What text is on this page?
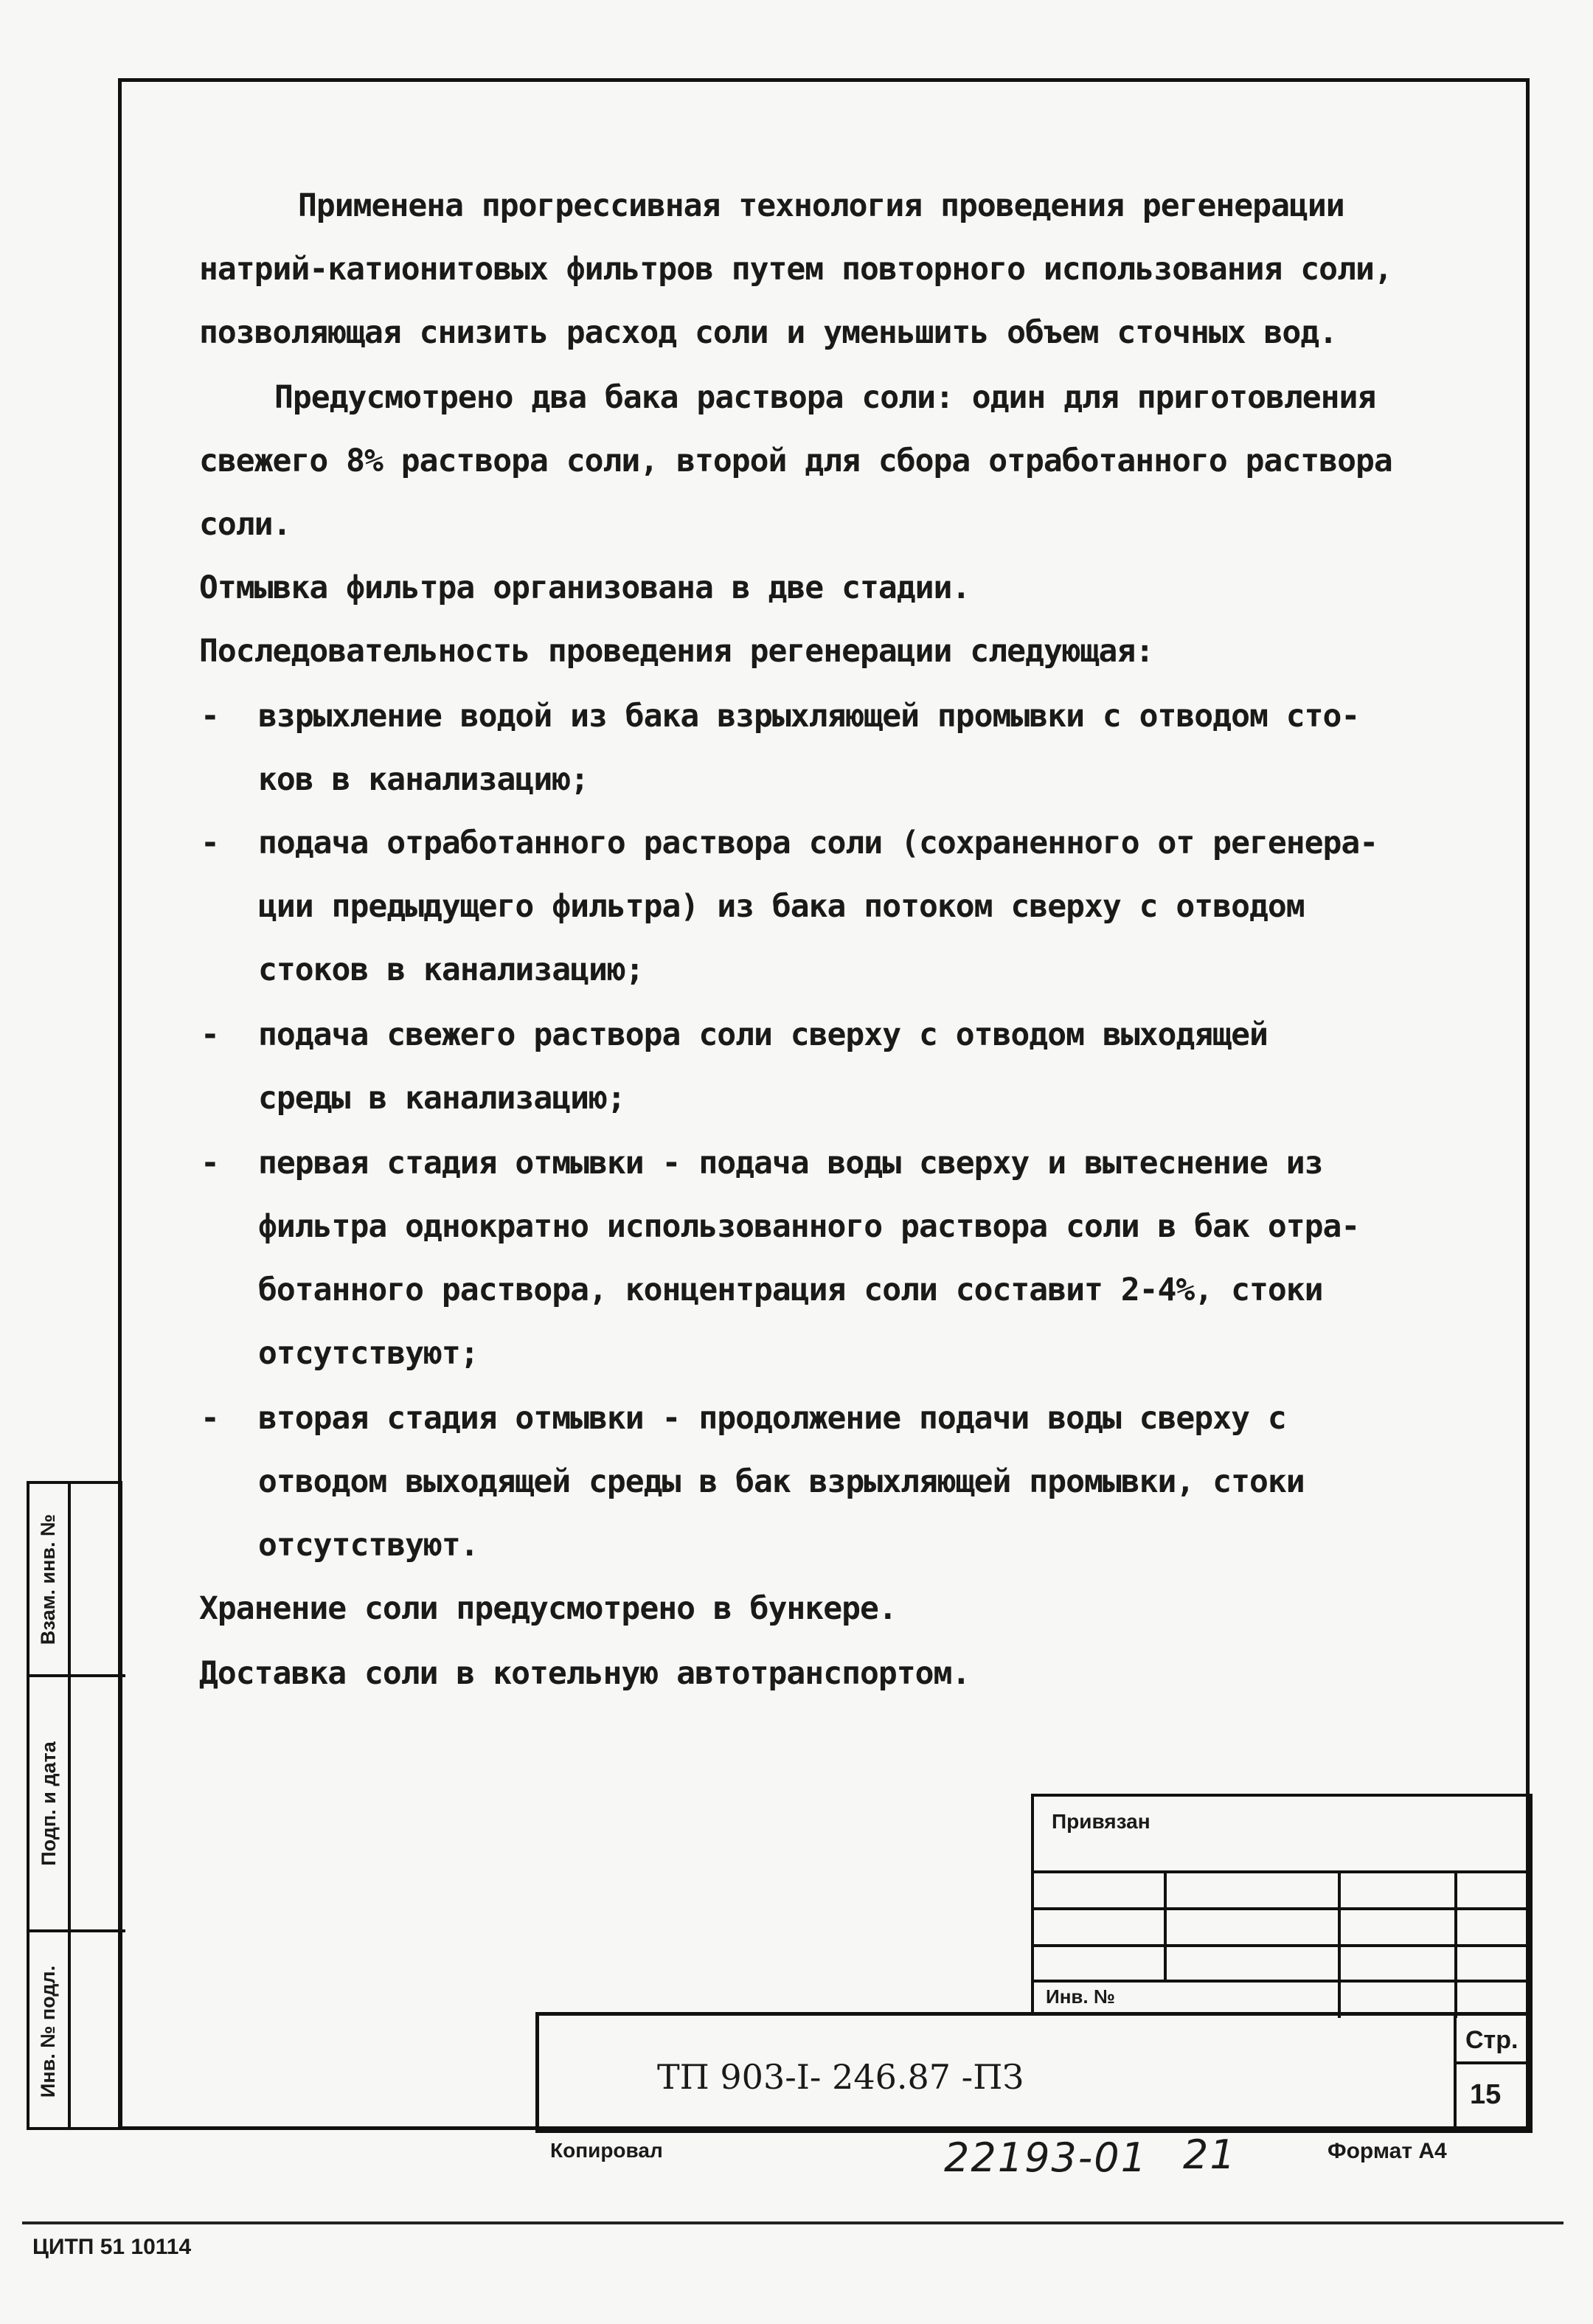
Применена прогрессивная технология проведения регенерации
натрий-катионитовых фильтров путем повторного использования соли,
позволяющая снизить расход соли и уменьшить объем сточных вод.
Предусмотрено два бака раствора соли: один для приготовления
свежего 8% раствора соли, второй для сбора отработанного раствора
соли.
Отмывка фильтра организована в две стадии.
Последовательность проведения регенерации следующая:
- взрыхление водой из бака взрыхляющей промывки с отводом сто-
ков в канализацию;
- подача отработанного раствора соли (сохраненного от регенера-
ции предыдущего фильтра) из бака потоком сверху с отводом
стоков в канализацию;
- подача свежего раствора соли сверху с отводом выходящей
среды в канализацию;
- первая стадия отмывки - подача воды сверху и вытеснение из
фильтра однократно использованного раствора соли в бак отра-
ботанного раствора, концентрация соли составит 2-4%, стоки
отсутствуют;
- вторая стадия отмывки - продолжение подачи воды сверху с
отводом выходящей среды в бак взрыхляющей промывки, стоки
отсутствуют.
Хранение соли предусмотрено в бункере.
Доставка соли в котельную автотранспортом.
Взам. инв. №
Подп. и дата
Инв. № подл.
Привязан
Инв. №
ТП 903-I- 246.87 -ПЗ
Стр.
15
Копировал	22193-01 21	Формат А4
ЦИТП 51 10114
